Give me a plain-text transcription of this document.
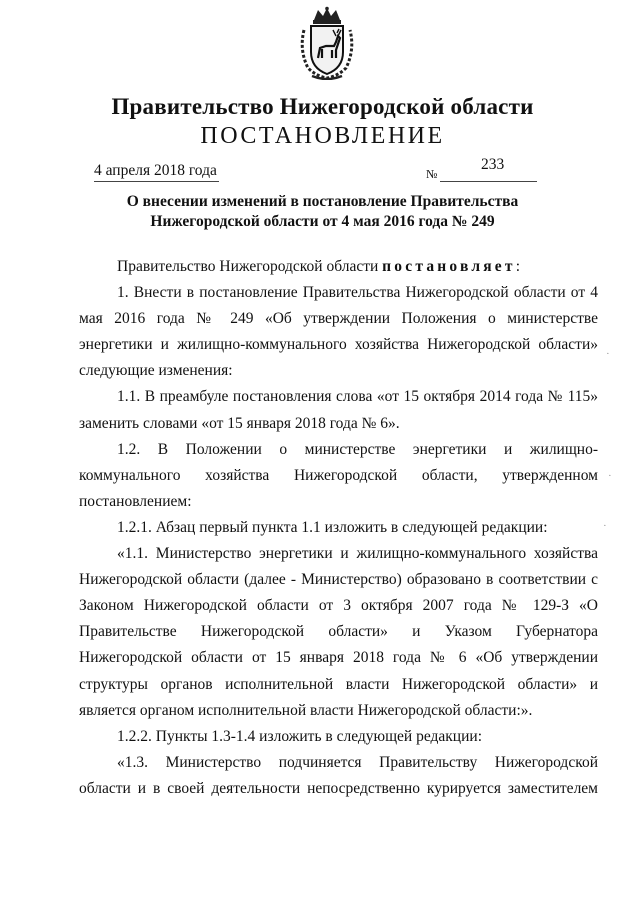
Правительство Нижегородской области
ПОСТАНОВЛЕНИЕ
4 апреля 2018 года	№
233
О внесении изменений в постановление Правительства
Нижегородской области от 4 мая 2016 года № 249

Правительство Нижегородской области постановляет:

1. Внести в постановление Правительства Нижегородской области от 4 мая 2016 года № 249 «Об утверждении Положения о министерстве энергетики и жилищно-коммунального хозяйства Нижегородской области» следующие изменения:

1.1. В преамбуле постановления слова «от 15 октября 2014 года № 115» заменить словами «от 15 января 2018 года № 6».

1.2. В Положении о министерстве энергетики и жилищно-коммунального хозяйства Нижегородской области, утвержденном постановлением:

1.2.1. Абзац первый пункта 1.1 изложить в следующей редакции:

«1.1. Министерство энергетики и жилищно-коммунального хозяйства Нижегородской области (далее - Министерство) образовано в соответствии с Законом Нижегородской области от 3 октября 2007 года № 129-З «О Правительстве Нижегородской области» и Указом Губернатора Нижегородской области от 15 января 2018 года № 6 «Об утверждении структуры органов исполнительной власти Нижегородской области» и является органом исполнительной власти Нижегородской области:».

1.2.2. Пункты 1.3-1.4 изложить в следующей редакции:

«1.3. Министерство подчиняется Правительству Нижегородской области и в своей деятельности непосредственно курируется заместителем

·
·
·
